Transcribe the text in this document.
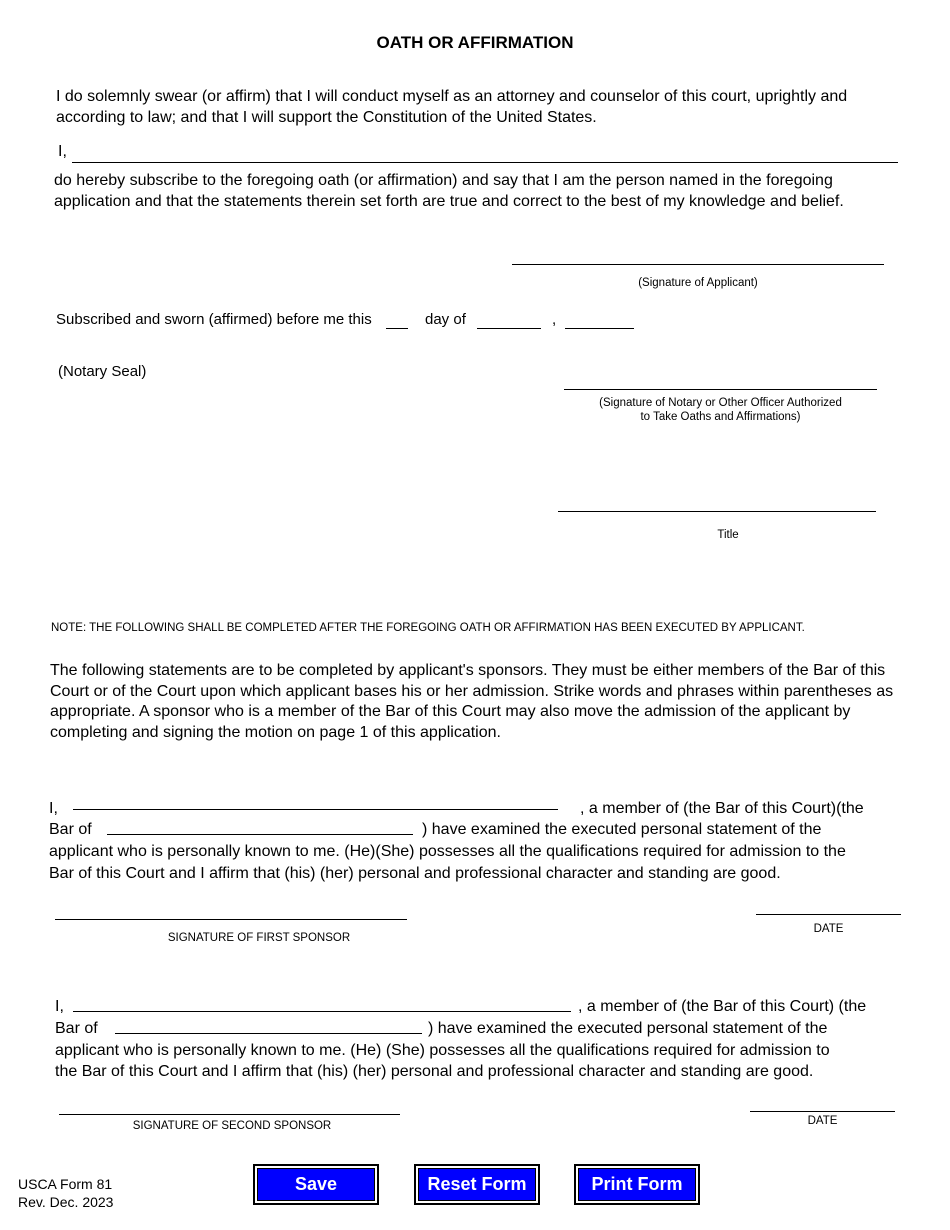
OATH OR AFFIRMATION
I do solemnly swear (or affirm) that I will conduct myself as an attorney and counselor of this court, uprightly and according to law; and that I will support the Constitution of the United States.
I,
do hereby subscribe to the foregoing oath (or affirmation) and say that I am the person named in the foregoing application and that the statements therein set forth are true and correct to the best of my knowledge and belief.
(Signature of Applicant)
Subscribed and sworn (affirmed) before me this	day of	,
(Notary Seal)
(Signature of Notary or Other Officer Authorized
to Take Oaths and Affirmations)
Title
NOTE: THE FOLLOWING SHALL BE COMPLETED AFTER THE FOREGOING OATH OR AFFIRMATION HAS BEEN EXECUTED BY APPLICANT.
The following statements are to be completed by applicant's sponsors. They must be either members of the Bar of this Court or of the Court upon which applicant bases his or her admission. Strike words and phrases within parentheses as appropriate. A sponsor who is a member of the Bar of this Court may also move the admission of the applicant by completing and signing the motion on page 1 of this application.
I,	, a member of (the Bar of this Court)(the
Bar of	) have examined the executed personal statement of the
applicant who is personally known to me. (He)(She) possesses all the qualifications required for admission to the
Bar of this Court and I affirm that (his) (her) personal and professional character and standing are good.
SIGNATURE OF FIRST SPONSOR
DATE
I,	, a member of (the Bar of this Court) (the
Bar of	) have examined the executed personal statement of the
applicant who is personally known to me. (He) (She) possesses all the qualifications required for admission to
the Bar of this Court and I affirm that (his) (her) personal and professional character and standing are good.
SIGNATURE OF SECOND SPONSOR	DATE
USCA Form 81
Rev. Dec. 2023
Save	Reset Form	Print Form
